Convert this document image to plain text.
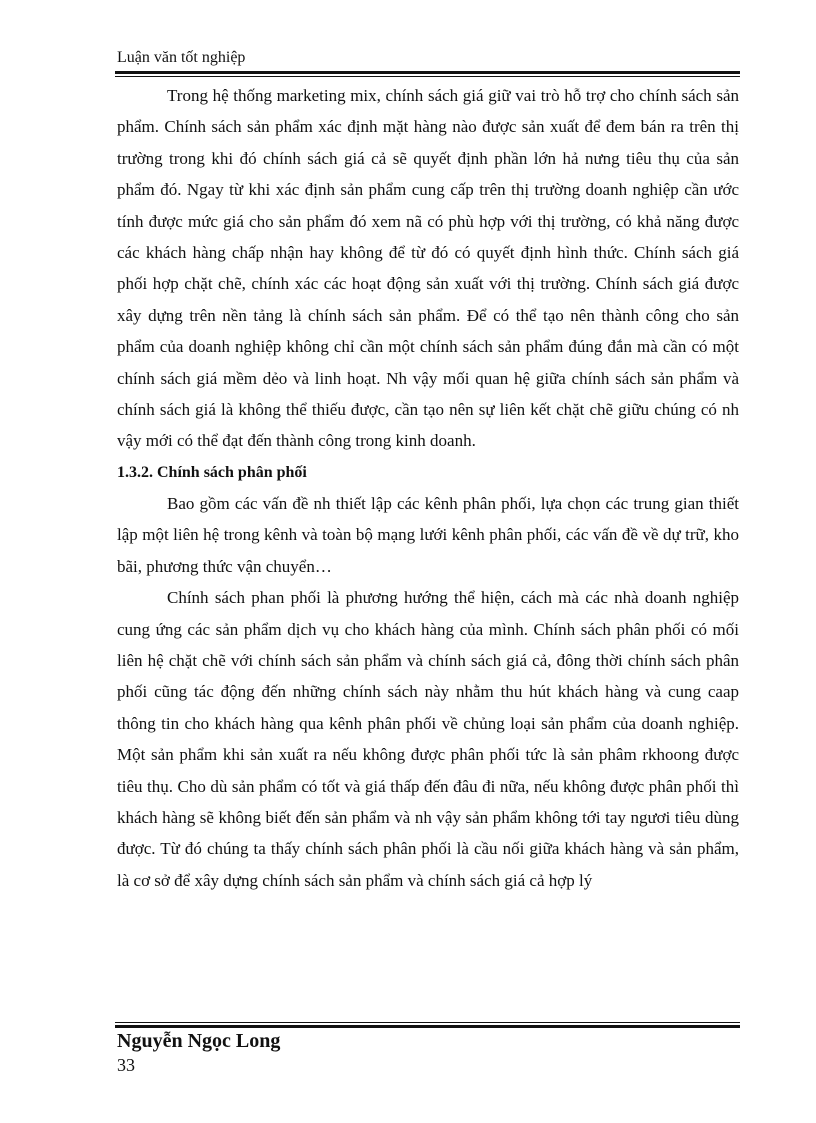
Luận văn tốt nghiệp

Trong hệ thống marketing mix, chính sách giá giữ vai trò hỗ trợ cho chính sách sản phẩm. Chính sách sản phẩm xác định mặt hàng nào được sản xuất để đem bán ra trên thị trường trong khi đó chính sách giá cả sẽ quyết định phần lớn hả nưng tiêu thụ của sản phẩm đó. Ngay từ khi xác định sản phẩm cung cấp trên thị trường doanh nghiệp cần ước tính được mức giá cho sản phẩm đó xem nã có phù hợp với thị trường, có khả năng được các khách hàng chấp nhận hay không để từ đó có quyết định hình thức. Chính sách giá phối hợp chặt chẽ, chính xác các hoạt động sản xuất với thị trường. Chính sách giá được xây dựng trên nền tảng là chính sách sản phẩm. Để có thể tạo nên thành công cho sản phẩm của doanh nghiệp không chỉ cần một chính sách sản phẩm đúng đắn mà cần có một chính sách giá mềm dẻo và linh hoạt. Nh vậy mối quan hệ giữa chính sách sản phẩm và chính sách giá là không thể thiếu được, cần tạo nên sự liên kết chặt chẽ giữu chúng có nh vậy mới có thể đạt đến thành công trong kinh doanh.

1.3.2. Chính sách phân phối

Bao gồm các vấn đề nh thiết lập các kênh phân phối, lựa chọn các trung gian thiết lập một liên hệ trong kênh và toàn bộ mạng lưới kênh phân phối, các vấn đề về dự trữ, kho bãi, phương thức vận chuyển…

Chính sách phan phối là phương hướng thể hiện, cách mà các nhà doanh nghiệp cung ứng các sản phẩm dịch vụ cho khách hàng của mình. Chính sách phân phối có mối liên hệ chặt chẽ với chính sách sản phẩm và chính sách giá cả, đông thời chính sách phân phối cũng tác động đến những chính sách này nhằm thu hút khách hàng và cung caap thông tin cho khách hàng qua kênh phân phối về chủng loại sản phẩm của doanh nghiệp. Một sản phẩm khi sản xuất ra nếu không được phân phối tức là sản phâm rkhoong được tiêu thụ. Cho dù sản phẩm có tốt và giá thấp đến đâu đi nữa, nếu không được phân phối thì khách hàng sẽ không biết đến sản phẩm và nh vậy sản phẩm không tới tay ngươi tiêu dùng được. Từ đó chúng ta thấy chính sách phân phối là cầu nối giữa khách hàng và sản phẩm, là cơ sở để xây dựng chính sách sản phẩm và chính sách giá cả hợp lý

Nguyễn Ngọc Long
33
